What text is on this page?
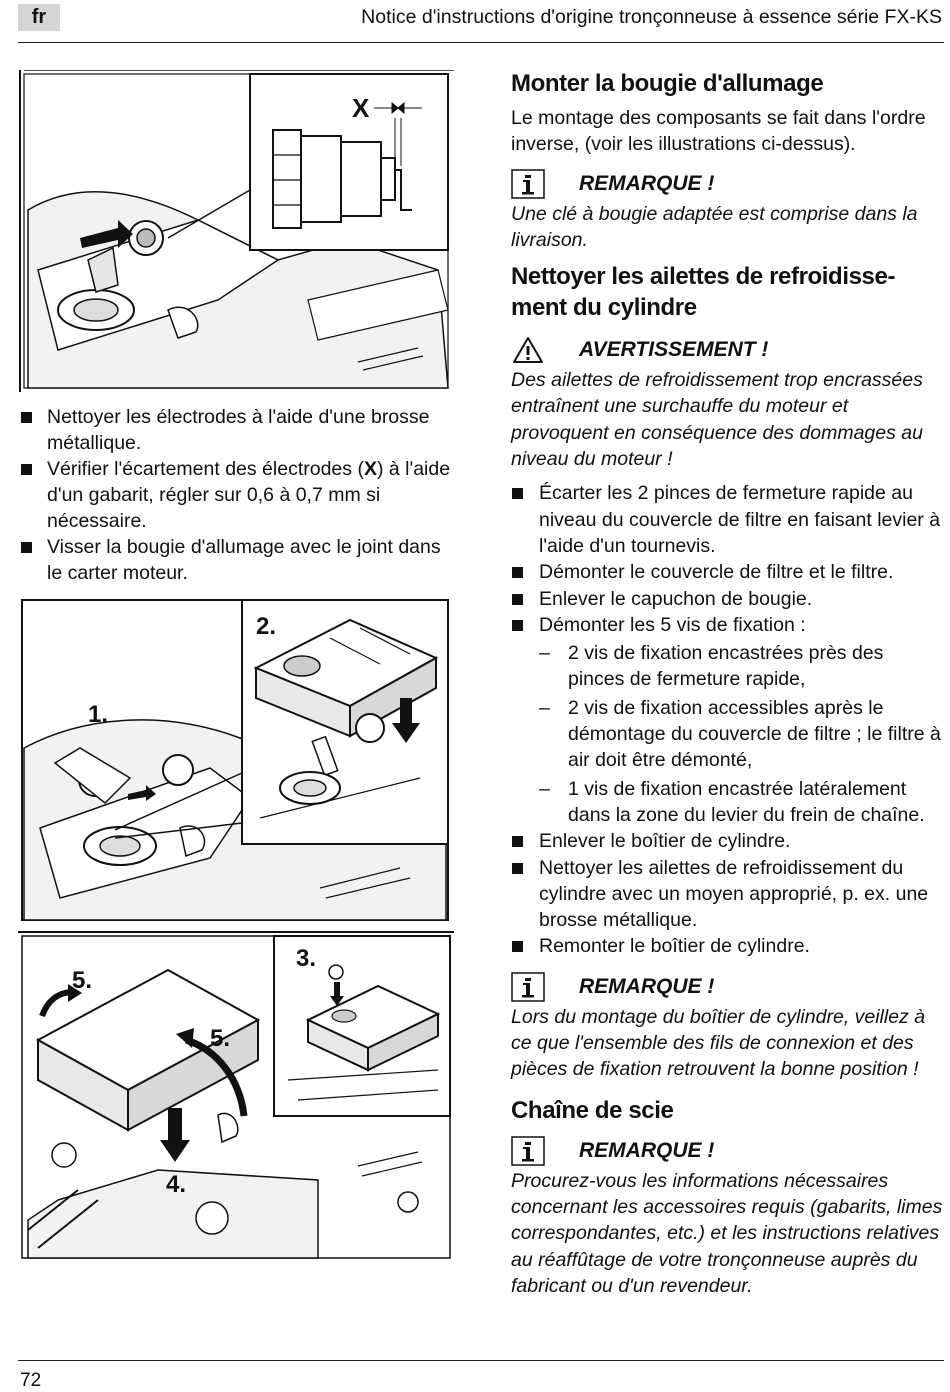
fr	Notice d'instructions d'origine tronçonneuse à essence série FX-KS
X
Nettoyer les électrodes à l'aide d'une brosse métallique.
Vérifier l'écartement des électrodes (X) à l'aide d'un gabarit, régler sur 0,6 à 0,7 mm si nécessaire.
Visser la bougie d'allumage avec le joint dans le carter moteur.
1.
2.
5.
5.
4.
3.
Monter la bougie d'allumage

Le montage des composants se fait dans l'ordre inverse, (voir les illustrations ci-dessus).

REMARQUE !

Une clé à bougie adaptée est comprise dans la livraison.

Nettoyer les ailettes de refroidissement du cylindre
AVERTISSEMENT !

Des ailettes de refroidissement trop encrassées entraînent une surchauffe du moteur et provoquent en conséquence des dommages au niveau du moteur !

Écarter les 2 pinces de fermeture rapide au niveau du couvercle de filtre en faisant levier à l'aide d'un tournevis.
Démonter le couvercle de filtre et le filtre.
Enlever le capuchon de bougie.
Démonter les 5 vis de fixation :
– 2 vis de fixation encastrées près des pinces de fermeture rapide,
– 2 vis de fixation accessibles après le démontage du couvercle de filtre ; le filtre à air doit être démonté,
– 1 vis de fixation encastrée latéralement dans la zone du levier du frein de chaîne.
Enlever le boîtier de cylindre.
Nettoyer les ailettes de refroidissement du cylindre avec un moyen approprié, p. ex. une brosse métallique.
Remonter le boîtier de cylindre.
REMARQUE !

Lors du montage du boîtier de cylindre, veillez à ce que l'ensemble des fils de connexion et des pièces de fixation retrouvent la bonne position !

Chaîne de scie
REMARQUE !

Procurez-vous les informations nécessaires concernant les accessoires requis (gabarits, limes correspondantes, etc.) et les instructions relatives au réaffûtage de votre tronçonneuse auprès du fabricant ou d'un revendeur.

72
